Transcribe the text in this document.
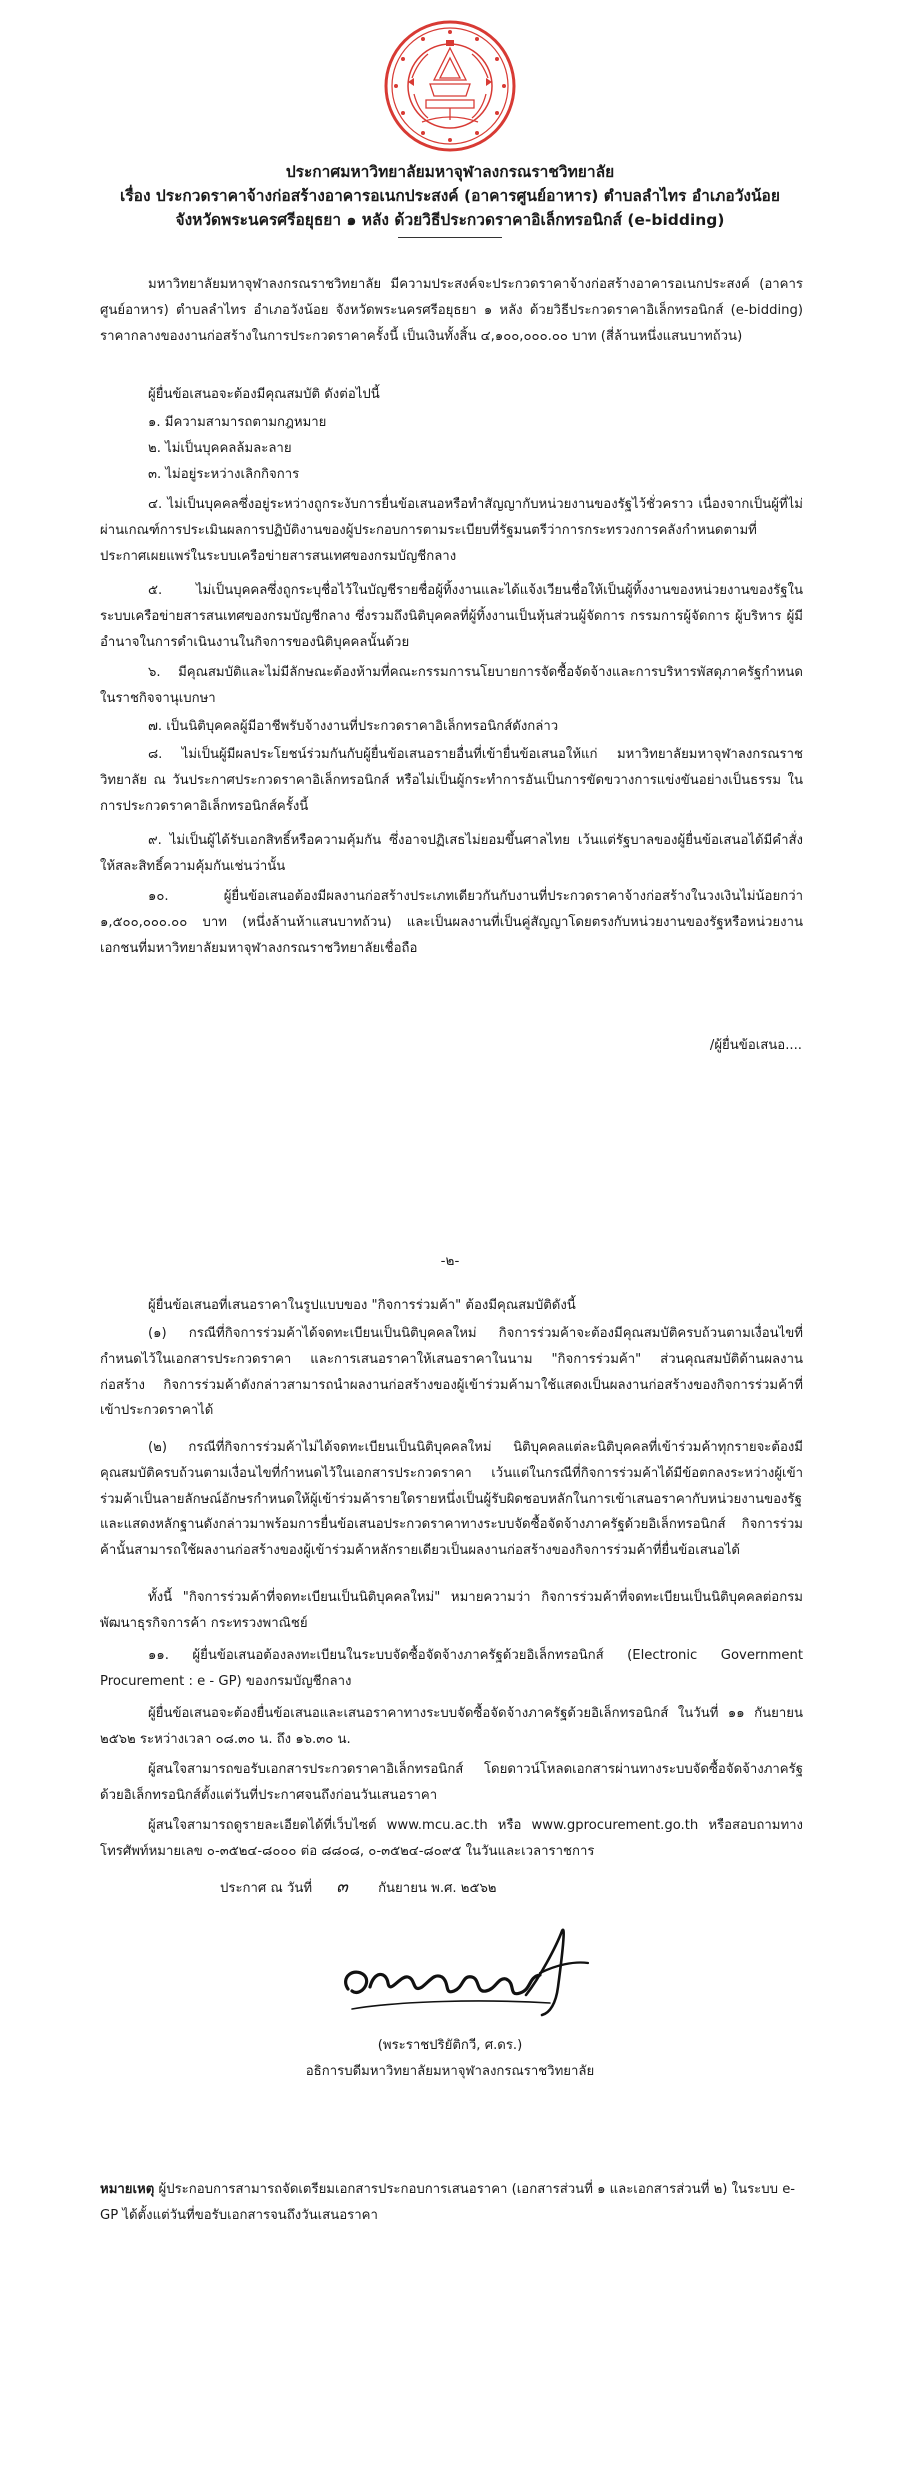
ประกาศมหาวิทยาลัยมหาจุฬาลงกรณราชวิทยาลัย
เรื่อง ประกวดราคาจ้างก่อสร้างอาคารอเนกประสงค์ (อาคารศูนย์อาหาร) ตำบลลำไทร อำเภอวังน้อย
จังหวัดพระนครศรีอยุธยา ๑ หลัง ด้วยวิธีประกวดราคาอิเล็กทรอนิกส์ (e-bidding)
มหาวิทยาลัยมหาจุฬาลงกรณราชวิทยาลัย มีความประสงค์จะประกวดราคาจ้างก่อสร้างอาคารอเนกประสงค์ (อาคารศูนย์อาหาร) ตำบลลำไทร อำเภอวังน้อย จังหวัดพระนครศรีอยุธยา ๑ หลัง ด้วยวิธีประกวดราคาอิเล็กทรอนิกส์ (e-bidding) ราคากลางของงานก่อสร้างในการประกวดราคาครั้งนี้ เป็นเงินทั้งสิ้น ๔,๑๐๐,๐๐๐.๐๐ บาท (สี่ล้านหนึ่งแสนบาทถ้วน)
ผู้ยื่นข้อเสนอจะต้องมีคุณสมบัติ ดังต่อไปนี้
๑. มีความสามารถตามกฎหมาย
๒. ไม่เป็นบุคคลล้มละลาย
๓. ไม่อยู่ระหว่างเลิกกิจการ
๔. ไม่เป็นบุคคลซึ่งอยู่ระหว่างถูกระงับการยื่นข้อเสนอหรือทำสัญญากับหน่วยงานของรัฐไว้ชั่วคราว เนื่องจากเป็นผู้ที่ไม่ผ่านเกณฑ์การประเมินผลการปฏิบัติงานของผู้ประกอบการตามระเบียบที่รัฐมนตรีว่าการกระทรวงการคลังกำหนดตามที่ประกาศเผยแพร่ในระบบเครือข่ายสารสนเทศของกรมบัญชีกลาง
๕. ไม่เป็นบุคคลซึ่งถูกระบุชื่อไว้ในบัญชีรายชื่อผู้ทิ้งงานและได้แจ้งเวียนชื่อให้เป็นผู้ทิ้งงานของหน่วยงานของรัฐในระบบเครือข่ายสารสนเทศของกรมบัญชีกลาง ซึ่งรวมถึงนิติบุคคลที่ผู้ทิ้งงานเป็นหุ้นส่วนผู้จัดการ กรรมการผู้จัดการ ผู้บริหาร ผู้มีอำนาจในการดำเนินงานในกิจการของนิติบุคคลนั้นด้วย
๖. มีคุณสมบัติและไม่มีลักษณะต้องห้ามที่คณะกรรมการนโยบายการจัดซื้อจัดจ้างและการบริหารพัสดุภาครัฐกำหนดในราชกิจจานุเบกษา
๗. เป็นนิติบุคคลผู้มีอาชีพรับจ้างงานที่ประกวดราคาอิเล็กทรอนิกส์ดังกล่าว
๘. ไม่เป็นผู้มีผลประโยชน์ร่วมกันกับผู้ยื่นข้อเสนอรายอื่นที่เข้ายื่นข้อเสนอให้แก่ มหาวิทยาลัยมหาจุฬาลงกรณราชวิทยาลัย ณ วันประกาศประกวดราคาอิเล็กทรอนิกส์ หรือไม่เป็นผู้กระทำการอันเป็นการขัดขวางการแข่งขันอย่างเป็นธรรม ในการประกวดราคาอิเล็กทรอนิกส์ครั้งนี้
๙. ไม่เป็นผู้ได้รับเอกสิทธิ์หรือความคุ้มกัน ซึ่งอาจปฏิเสธไม่ยอมขึ้นศาลไทย เว้นแต่รัฐบาลของผู้ยื่นข้อเสนอได้มีคำสั่งให้สละสิทธิ์ความคุ้มกันเช่นว่านั้น
๑๐. ผู้ยื่นข้อเสนอต้องมีผลงานก่อสร้างประเภทเดียวกันกับงานที่ประกวดราคาจ้างก่อสร้างในวงเงินไม่น้อยกว่า ๑,๕๐๐,๐๐๐.๐๐ บาท (หนึ่งล้านห้าแสนบาทถ้วน) และเป็นผลงานที่เป็นคู่สัญญาโดยตรงกับหน่วยงานของรัฐหรือหน่วยงานเอกชนที่มหาวิทยาลัยมหาจุฬาลงกรณราชวิทยาลัยเชื่อถือ
/ผู้ยื่นข้อเสนอ....
-๒-
ผู้ยื่นข้อเสนอที่เสนอราคาในรูปแบบของ "กิจการร่วมค้า" ต้องมีคุณสมบัติดังนี้
(๑) กรณีที่กิจการร่วมค้าได้จดทะเบียนเป็นนิติบุคคลใหม่ กิจการร่วมค้าจะต้องมีคุณสมบัติครบถ้วนตามเงื่อนไขที่กำหนดไว้ในเอกสารประกวดราคา และการเสนอราคาให้เสนอราคาในนาม "กิจการร่วมค้า" ส่วนคุณสมบัติด้านผลงานก่อสร้าง กิจการร่วมค้าดังกล่าวสามารถนำผลงานก่อสร้างของผู้เข้าร่วมค้ามาใช้แสดงเป็นผลงานก่อสร้างของกิจการร่วมค้าที่เข้าประกวดราคาได้
(๒) กรณีที่กิจการร่วมค้าไม่ได้จดทะเบียนเป็นนิติบุคคลใหม่ นิติบุคคลแต่ละนิติบุคคลที่เข้าร่วมค้าทุกรายจะต้องมีคุณสมบัติครบถ้วนตามเงื่อนไขที่กำหนดไว้ในเอกสารประกวดราคา เว้นแต่ในกรณีที่กิจการร่วมค้าได้มีข้อตกลงระหว่างผู้เข้าร่วมค้าเป็นลายลักษณ์อักษรกำหนดให้ผู้เข้าร่วมค้ารายใดรายหนึ่งเป็นผู้รับผิดชอบหลักในการเข้าเสนอราคากับหน่วยงานของรัฐ และแสดงหลักฐานดังกล่าวมาพร้อมการยื่นข้อเสนอประกวดราคาทางระบบจัดซื้อจัดจ้างภาครัฐด้วยอิเล็กทรอนิกส์ กิจการร่วมค้านั้นสามารถใช้ผลงานก่อสร้างของผู้เข้าร่วมค้าหลักรายเดียวเป็นผลงานก่อสร้างของกิจการร่วมค้าที่ยื่นข้อเสนอได้
ทั้งนี้ "กิจการร่วมค้าที่จดทะเบียนเป็นนิติบุคคลใหม่" หมายความว่า กิจการร่วมค้าที่จดทะเบียนเป็นนิติบุคคลต่อกรมพัฒนาธุรกิจการค้า กระทรวงพาณิชย์
๑๑. ผู้ยื่นข้อเสนอต้องลงทะเบียนในระบบจัดซื้อจัดจ้างภาครัฐด้วยอิเล็กทรอนิกส์ (Electronic Government Procurement : e - GP) ของกรมบัญชีกลาง
ผู้ยื่นข้อเสนอจะต้องยื่นข้อเสนอและเสนอราคาทางระบบจัดซื้อจัดจ้างภาครัฐด้วยอิเล็กทรอนิกส์ ในวันที่ ๑๑ กันยายน ๒๕๖๒ ระหว่างเวลา ๐๘.๓๐ น. ถึง ๑๖.๓๐ น.
ผู้สนใจสามารถขอรับเอกสารประกวดราคาอิเล็กทรอนิกส์ โดยดาวน์โหลดเอกสารผ่านทางระบบจัดซื้อจัดจ้างภาครัฐด้วยอิเล็กทรอนิกส์ตั้งแต่วันที่ประกาศจนถึงก่อนวันเสนอราคา
ผู้สนใจสามารถดูรายละเอียดได้ที่เว็บไซต์ www.mcu.ac.th หรือ www.gprocurement.go.th หรือสอบถามทางโทรศัพท์หมายเลข ๐-๓๕๒๔-๘๐๐๐ ต่อ ๘๘๐๘, ๐-๓๕๒๔-๘๐๙๕ ในวันและเวลาราชการ
ประกาศ ณ วันที่ ๓ กันยายน พ.ศ. ๒๕๖๒
(พระราชปริยัติกวี, ศ.ดร.)
อธิการบดีมหาวิทยาลัยมหาจุฬาลงกรณราชวิทยาลัย
หมายเหตุ ผู้ประกอบการสามารถจัดเตรียมเอกสารประกอบการเสนอราคา (เอกสารส่วนที่ ๑ และเอกสารส่วนที่ ๒) ในระบบ e-GP ได้ตั้งแต่วันที่ขอรับเอกสารจนถึงวันเสนอราคา
